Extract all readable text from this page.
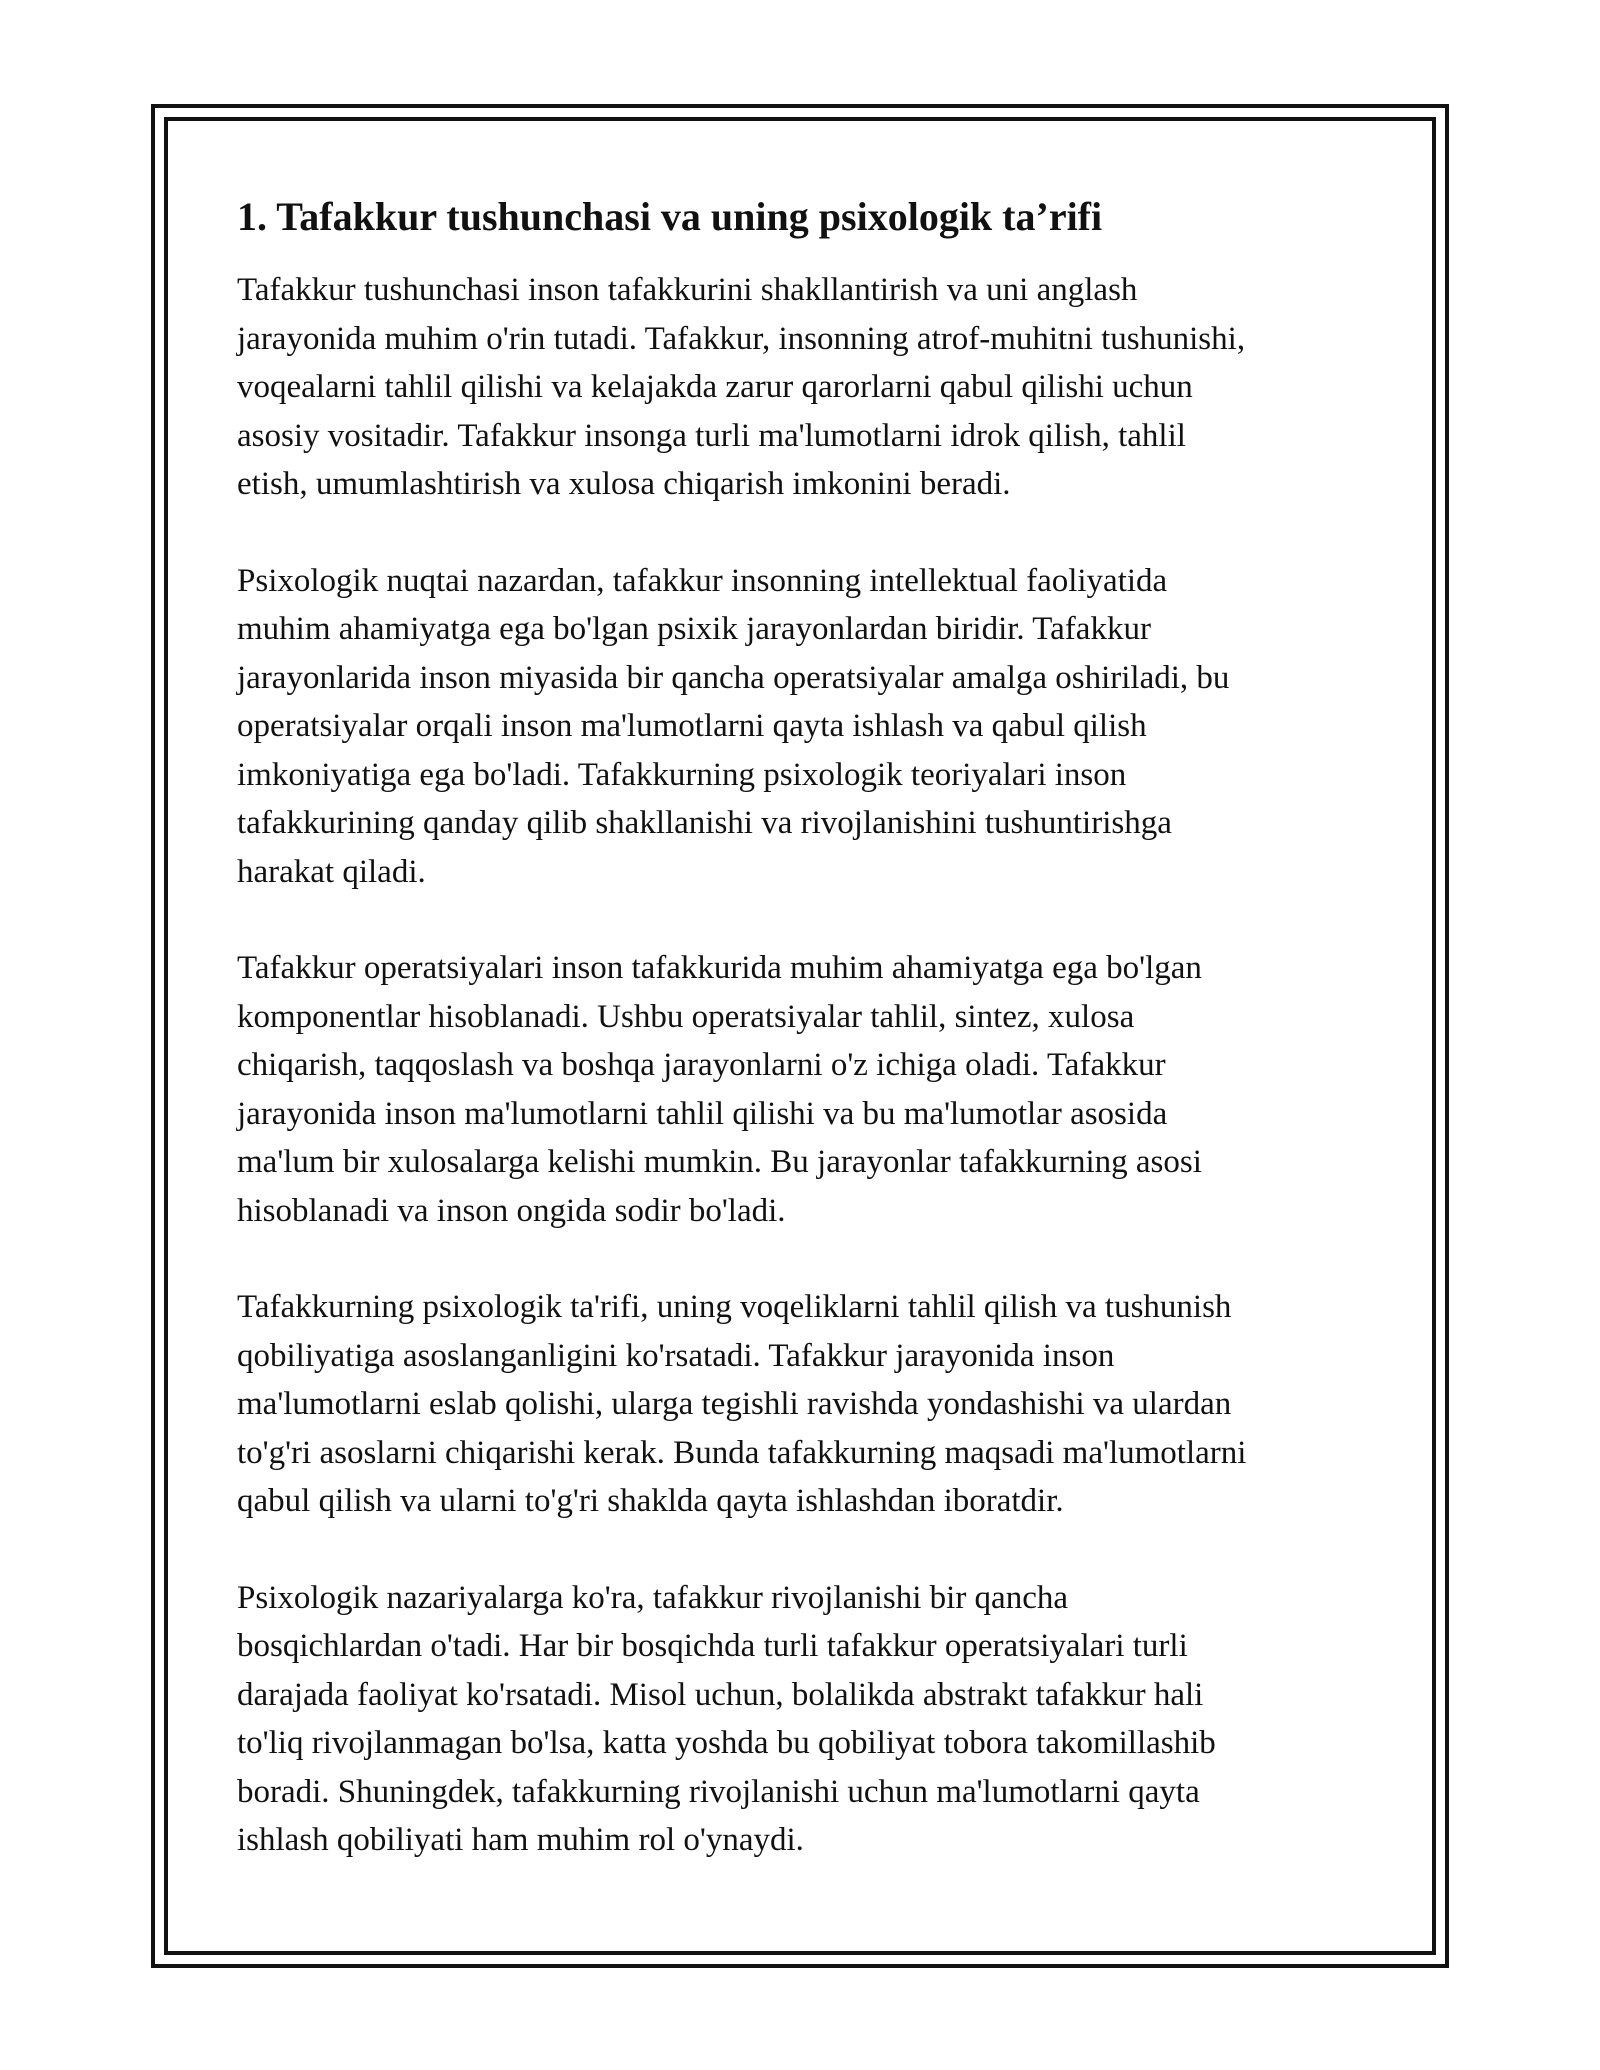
1. Tafakkur tushunchasi va uning psixologik ta’rifi

Tafakkur tushunchasi inson tafakkurini shakllantirish va uni anglash
jarayonida muhim o'rin tutadi. Tafakkur, insonning atrof-muhitni tushunishi,
voqealarni tahlil qilishi va kelajakda zarur qarorlarni qabul qilishi uchun
asosiy vositadir. Tafakkur insonga turli ma'lumotlarni idrok qilish, tahlil
etish, umumlashtirish va xulosa chiqarish imkonini beradi.

Psixologik nuqtai nazardan, tafakkur insonning intellektual faoliyatida
muhim ahamiyatga ega bo'lgan psixik jarayonlardan biridir. Tafakkur
jarayonlarida inson miyasida bir qancha operatsiyalar amalga oshiriladi, bu
operatsiyalar orqali inson ma'lumotlarni qayta ishlash va qabul qilish
imkoniyatiga ega bo'ladi. Tafakkurning psixologik teoriyalari inson
tafakkurining qanday qilib shakllanishi va rivojlanishini tushuntirishga
harakat qiladi.

Tafakkur operatsiyalari inson tafakkurida muhim ahamiyatga ega bo'lgan
komponentlar hisoblanadi. Ushbu operatsiyalar tahlil, sintez, xulosa
chiqarish, taqqoslash va boshqa jarayonlarni o'z ichiga oladi. Tafakkur
jarayonida inson ma'lumotlarni tahlil qilishi va bu ma'lumotlar asosida
ma'lum bir xulosalarga kelishi mumkin. Bu jarayonlar tafakkurning asosi
hisoblanadi va inson ongida sodir bo'ladi.

Tafakkurning psixologik ta'rifi, uning voqeliklarni tahlil qilish va tushunish
qobiliyatiga asoslanganligini ko'rsatadi. Tafakkur jarayonida inson
ma'lumotlarni eslab qolishi, ularga tegishli ravishda yondashishi va ulardan
to'g'ri asoslarni chiqarishi kerak. Bunda tafakkurning maqsadi ma'lumotlarni
qabul qilish va ularni to'g'ri shaklda qayta ishlashdan iboratdir.

Psixologik nazariyalarga ko'ra, tafakkur rivojlanishi bir qancha
bosqichlardan o'tadi. Har bir bosqichda turli tafakkur operatsiyalari turli
darajada faoliyat ko'rsatadi. Misol uchun, bolalikda abstrakt tafakkur hali
to'liq rivojlanmagan bo'lsa, katta yoshda bu qobiliyat tobora takomillashib
boradi. Shuningdek, tafakkurning rivojlanishi uchun ma'lumotlarni qayta
ishlash qobiliyati ham muhim rol o'ynaydi.
